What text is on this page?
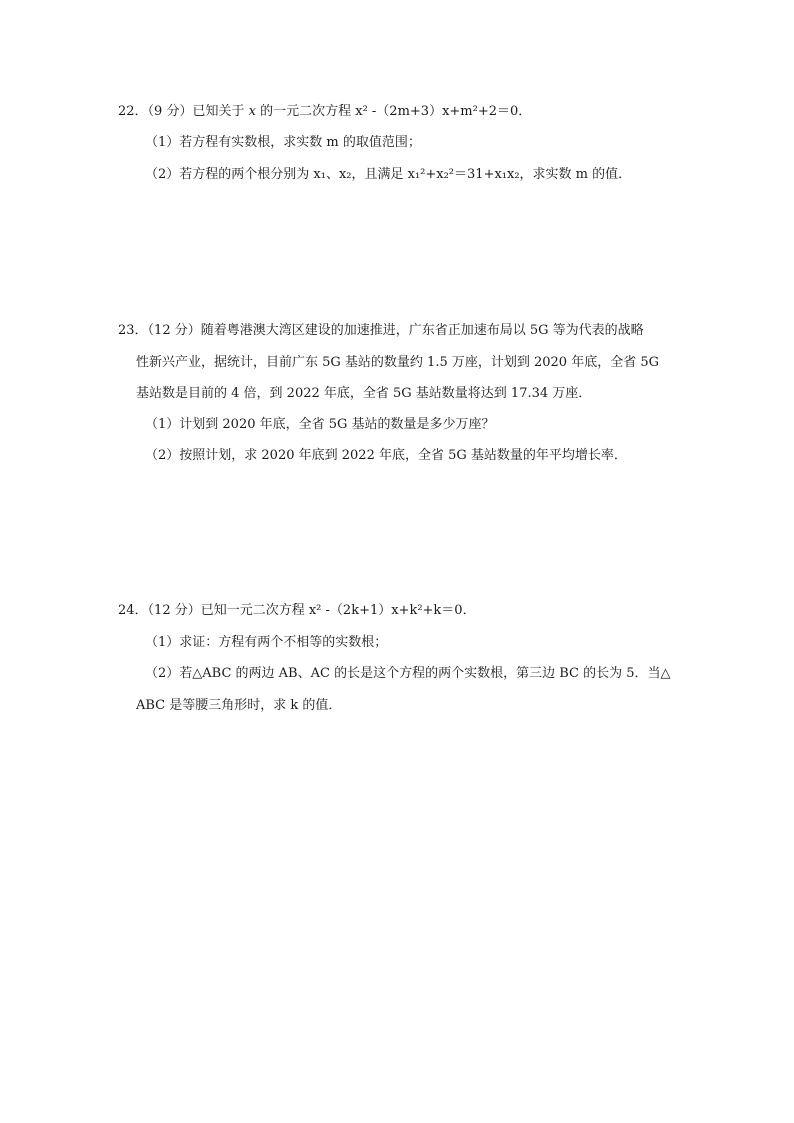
22．（9 分）已知关于 x 的一元二次方程 x² -（2m+3）x+m²+2＝0．
（1）若方程有实数根，求实数 m 的取值范围；
（2）若方程的两个根分别为 x₁、x₂，且满足 x₁²+x₂²＝31+x₁x₂，求实数 m 的值．
23．（12 分）随着粤港澳大湾区建设的加速推进，广东省正加速布局以 5G 等为代表的战略
性新兴产业，据统计，目前广东 5G 基站的数量约 1.5 万座，计划到 2020 年底，全省 5G
基站数是目前的 4 倍，到 2022 年底，全省 5G 基站数量将达到 17.34 万座．
（1）计划到 2020 年底，全省 5G 基站的数量是多少万座？
（2）按照计划，求 2020 年底到 2022 年底，全省 5G 基站数量的年平均增长率．
24．（12 分）已知一元二次方程 x² -（2k+1）x+k²+k＝0．
（1）求证：方程有两个不相等的实数根；
（2）若△ABC 的两边 AB、AC 的长是这个方程的两个实数根，第三边 BC 的长为 5．当△
ABC 是等腰三角形时，求 k 的值．
